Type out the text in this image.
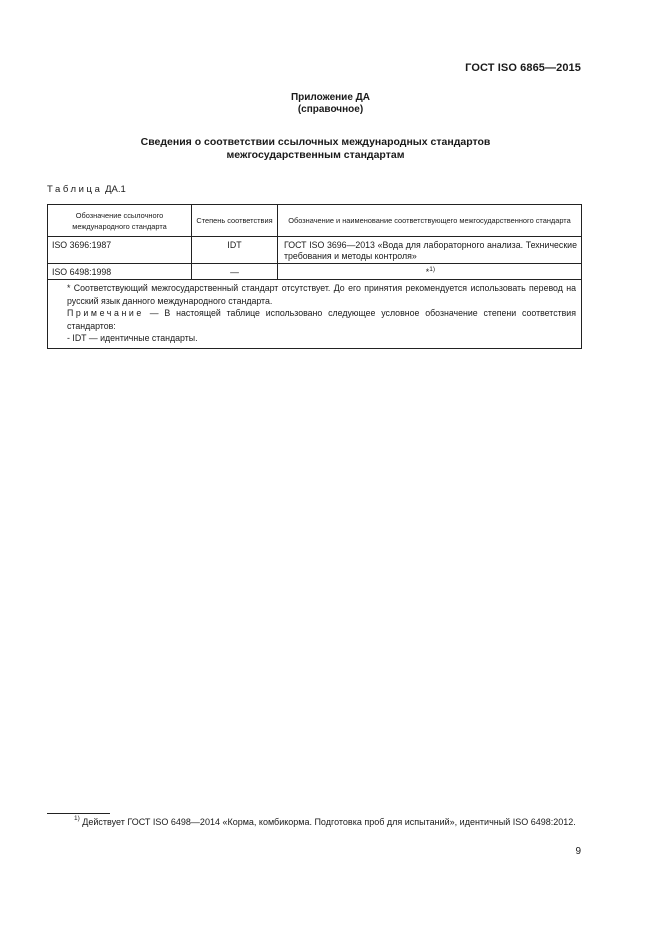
ГОСТ ISO 6865—2015
Приложение ДА
(справочное)
Сведения о соответствии ссылочных международных стандартов
межгосударственным стандартам
Таблица ДА.1
Обозначение ссылочного международного стандарта	Степень соответствия	Обозначение и наименование соответствующего межгосударственного стандарта
ISO 3696:1987	IDT	ГОСТ ISO 3696—2013 «Вода для лабораторного анализа. Технические требования и методы контроля»
ISO 6498:1998	—	*$^{1)}$

* Соответствующий межгосударственный стандарт отсутствует. До его принятия рекомендуется использовать перевод на русский язык данного международного стандарта.
Примечание — В настоящей таблице использовано следующее условное обозначение степени соответствия стандартов:
- IDT — идентичные стандарты.		
$^{1)}$ Действует ГОСТ ISO 6498—2014 «Корма, комбикорма. Подготовка проб для испытаний», идентичный ISO 6498:2012.
9
